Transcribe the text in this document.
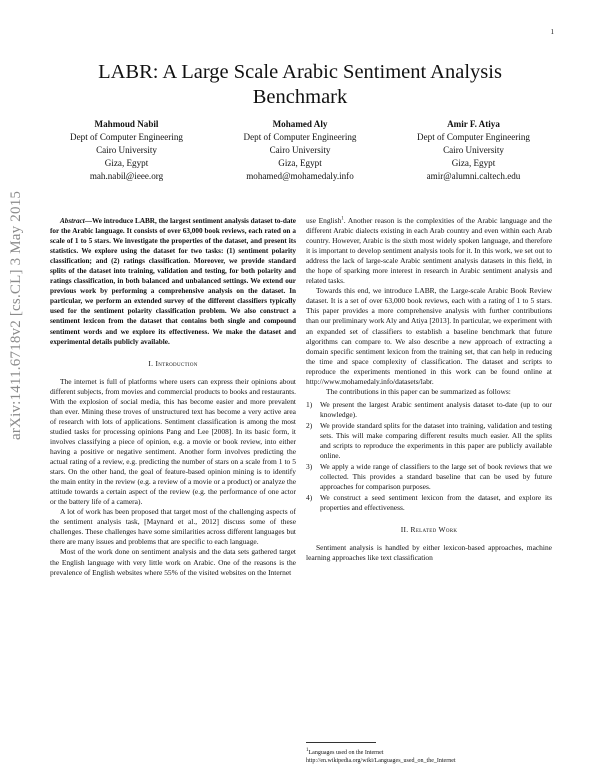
1
arXiv:1411.6718v2 [cs.CL] 3 May 2015
LABR: A Large Scale Arabic Sentiment Analysis Benchmark
Mahmoud Nabil
Dept of Computer Engineering
Cairo University
Giza, Egypt
mah.nabil@ieee.org
Mohamed Aly
Dept of Computer Engineering
Cairo University
Giza, Egypt
mohamed@mohamedaly.info
Amir F. Atiya
Dept of Computer Engineering
Cairo University
Giza, Egypt
amir@alumni.caltech.edu

Abstract—We introduce LABR, the largest sentiment analysis dataset to-date for the Arabic language. It consists of over 63,000 book reviews, each rated on a scale of 1 to 5 stars. We investigate the properties of the dataset, and present its statistics. We explore using the dataset for two tasks: (1) sentiment polarity classification; and (2) ratings classification. Moreover, we provide standard splits of the dataset into training, validation and testing, for both polarity and ratings classification, in both balanced and unbalanced settings. We extend our previous work by performing a comprehensive analysis on the dataset. In particular, we perform an extended survey of the different classifiers typically used for the sentiment polarity classification problem. We also construct a sentiment lexicon from the dataset that contains both single and compound sentiment words and we explore its effectiveness. We make the dataset and experimental details publicly available.

I. Introduction

The internet is full of platforms where users can express their opinions about different subjects, from movies and commercial products to books and restaurants. With the explosion of social media, this has become easier and more prevalent than ever. Mining these troves of unstructured text has become a very active area of research with lots of applications. Sentiment classification is among the most studied tasks for processing opinions Pang and Lee [2008]. In its basic form, it involves classifying a piece of opinion, e.g. a movie or book review, into either having a positive or negative sentiment. Another form involves predicting the actual rating of a review, e.g. predicting the number of stars on a scale from 1 to 5 stars. On the other hand, the goal of feature-based opinion mining is to identify the main entity in the review (e.g. a review of a movie or a product) or analyze the attitude towards a certain aspect of the review (e.g. the performance of one actor or the battery life of a camera).

A lot of work has been proposed that target most of the challenging aspects of the sentiment analysis task, [Maynard et al., 2012] discuss some of these challenges. These challenges have some similarities across different languages but there are many issues and problems that are specific to each language.

Most of the work done on sentiment analysis and the data sets gathered target the English language with very little work on Arabic. One of the reasons is the prevalence of English websites where 55% of the visited websites on the Internet

use English$^1$. Another reason is the complexities of the Arabic language and the different Arabic dialects existing in each Arab country and even within each Arab country. However, Arabic is the sixth most widely spoken language, and therefore it is important to develop sentiment analysis tools for it. In this work, we set out to address the lack of large-scale Arabic sentiment analysis datasets in this field, in the hope of sparking more interest in research in Arabic sentiment analysis and related tasks.

Towards this end, we introduce LABR, the Large-scale Arabic Book Review dataset. It is a set of over 63,000 book reviews, each with a rating of 1 to 5 stars. This paper provides a more comprehensive analysis with further contributions than our preliminary work Aly and Atiya [2013]. In particular, we experiment with an expanded set of classifiers to establish a baseline benchmark that future algorithms can compare to. We also describe a new approach of extracting a domain specific sentiment lexicon from the training set, that can help in reducing the time and space complexity of classification. The dataset and scripts to reproduce the experiments mentioned in this work can be found online at http://www.mohamedaly.info/datasets/labr.

The contributions in this paper can be summarized as follows:

1)	We present the largest Arabic sentiment analysis dataset to-date (up to our knowledge).
2)	We provide standard splits for the dataset into training, validation and testing sets. This will make comparing different results much easier. All the splits and scripts to reproduce the experiments in this paper are publicly available online.
3)	We apply a wide range of classifiers to the large set of book reviews that we collected. This provides a standard baseline that can be used by future approaches for comparison purposes.
4)	We construct a seed sentiment lexicon from the dataset, and explore its properties and effectiveness.

II. Related Work

Sentiment analysis is handled by either lexicon-based approaches, machine learning approaches like text classification

$^1$Languages used on the Internet
http://en.wikipedia.org/wiki/Languages_used_on_the_Internet
